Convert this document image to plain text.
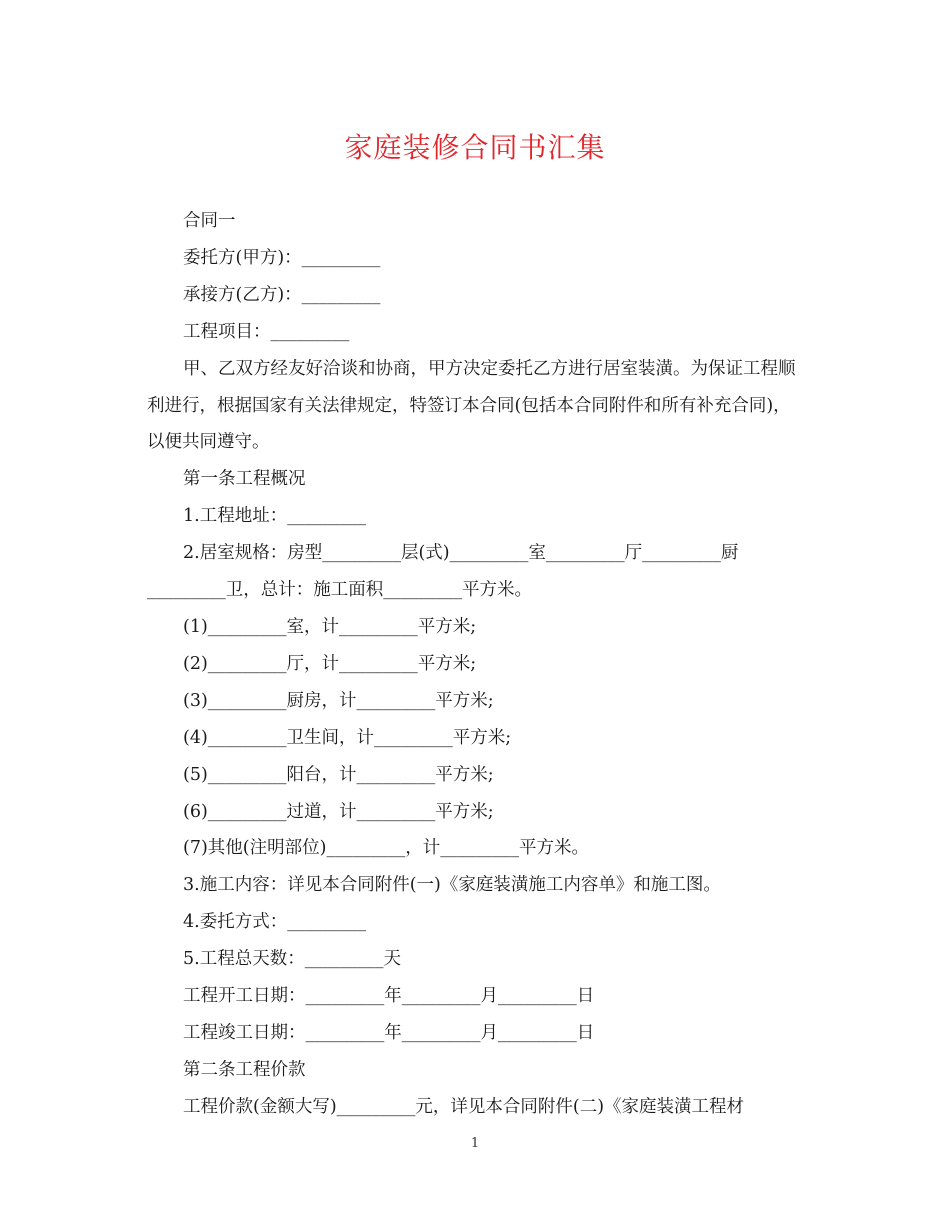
家庭装修合同书汇集

合同一

委托方(甲方)：_________

承接方(乙方)：_________

工程项目：_________

甲、乙双方经友好洽谈和协商，甲方决定委托乙方进行居室装潢。为保证工程顺利进行，根据国家有关法律规定，特签订本合同(包括本合同附件和所有补充合同)，以便共同遵守。

第一条工程概况

1.工程地址：_________

2.居室规格：房型_________层(式)_________室_________厅_________厨_________卫，总计：施工面积_________平方米。

(1)_________室，计_________平方米;

(2)_________厅，计_________平方米;

(3)_________厨房，计_________平方米;

(4)_________卫生间，计_________平方米;

(5)_________阳台，计_________平方米;

(6)_________过道，计_________平方米;

(7)其他(注明部位)_________，计_________平方米。

3.施工内容：详见本合同附件(一)《家庭装潢施工内容单》和施工图。

4.委托方式：_________

5.工程总天数：_________天

工程开工日期：_________年_________月_________日

工程竣工日期：_________年_________月_________日

第二条工程价款

工程价款(金额大写)_________元，详见本合同附件(二)《家庭装潢工程材

1
